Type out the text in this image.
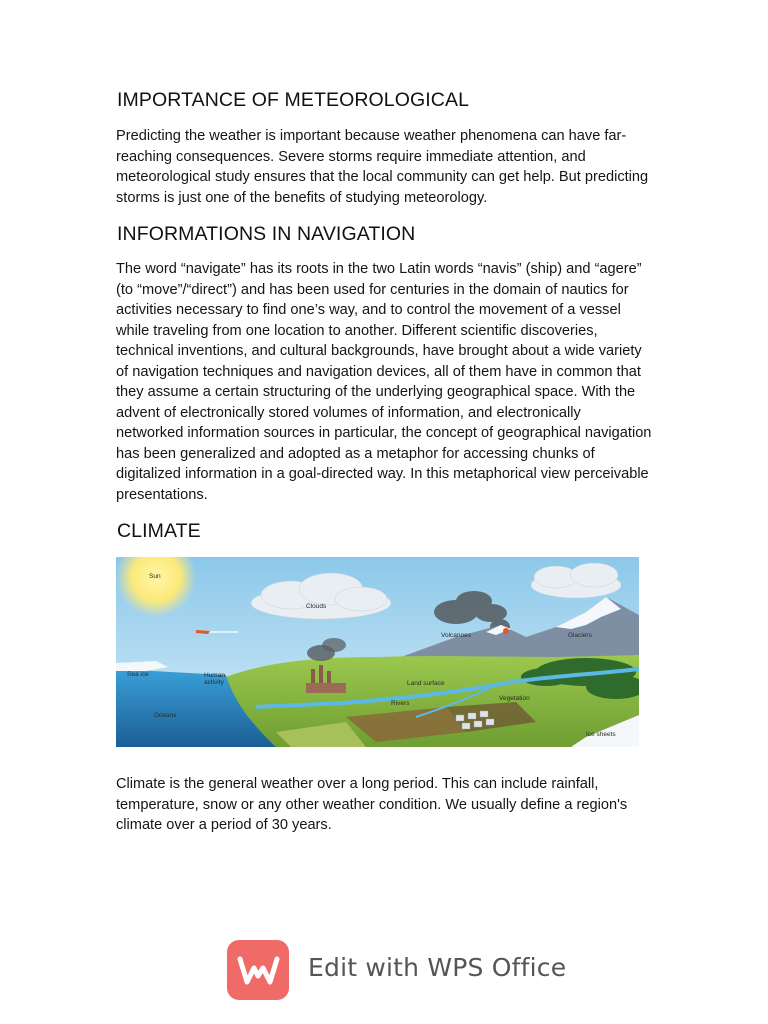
IMPORTANCE OF METEOROLOGICAL

Predicting the weather is important because weather phenomena can have far-reaching consequences. Severe storms require immediate attention, and meteorological study ensures that the local community can get help. But predicting storms is just one of the benefits of studying meteorology.

INFORMATIONS IN NAVIGATION

The word “navigate” has its roots in the two Latin words “navis” (ship) and “agere” (to “move”/“direct”) and has been used for centuries in the domain of nautics for activities necessary to find one’s way, and to control the movement of a vessel while traveling from one location to another. Different scientific discoveries, technical inventions, and cultural backgrounds, have brought about a wide variety of navigation techniques and navigation devices, all of them have in common that they assume a certain structuring of the underlying geographical space. With the advent of electronically stored volumes of information, and electronically networked information sources in particular, the concept of geographical navigation has been generalized and adopted as a metaphor for accessing chunks of digitalized information in a goal-directed way. In this metaphorical view perceivable presentations.

CLIMATE
Sun
Clouds
Volcanoes	Glaciers
Sea ice	Human
activity	Land surface
Vegetation
Rivers
Oceans
Ice sheets

Climate is the general weather over a long period. This can include rainfall, temperature, snow or any other weather condition. We usually define a region's climate over a period of 30 years.

Edit with WPS Office
